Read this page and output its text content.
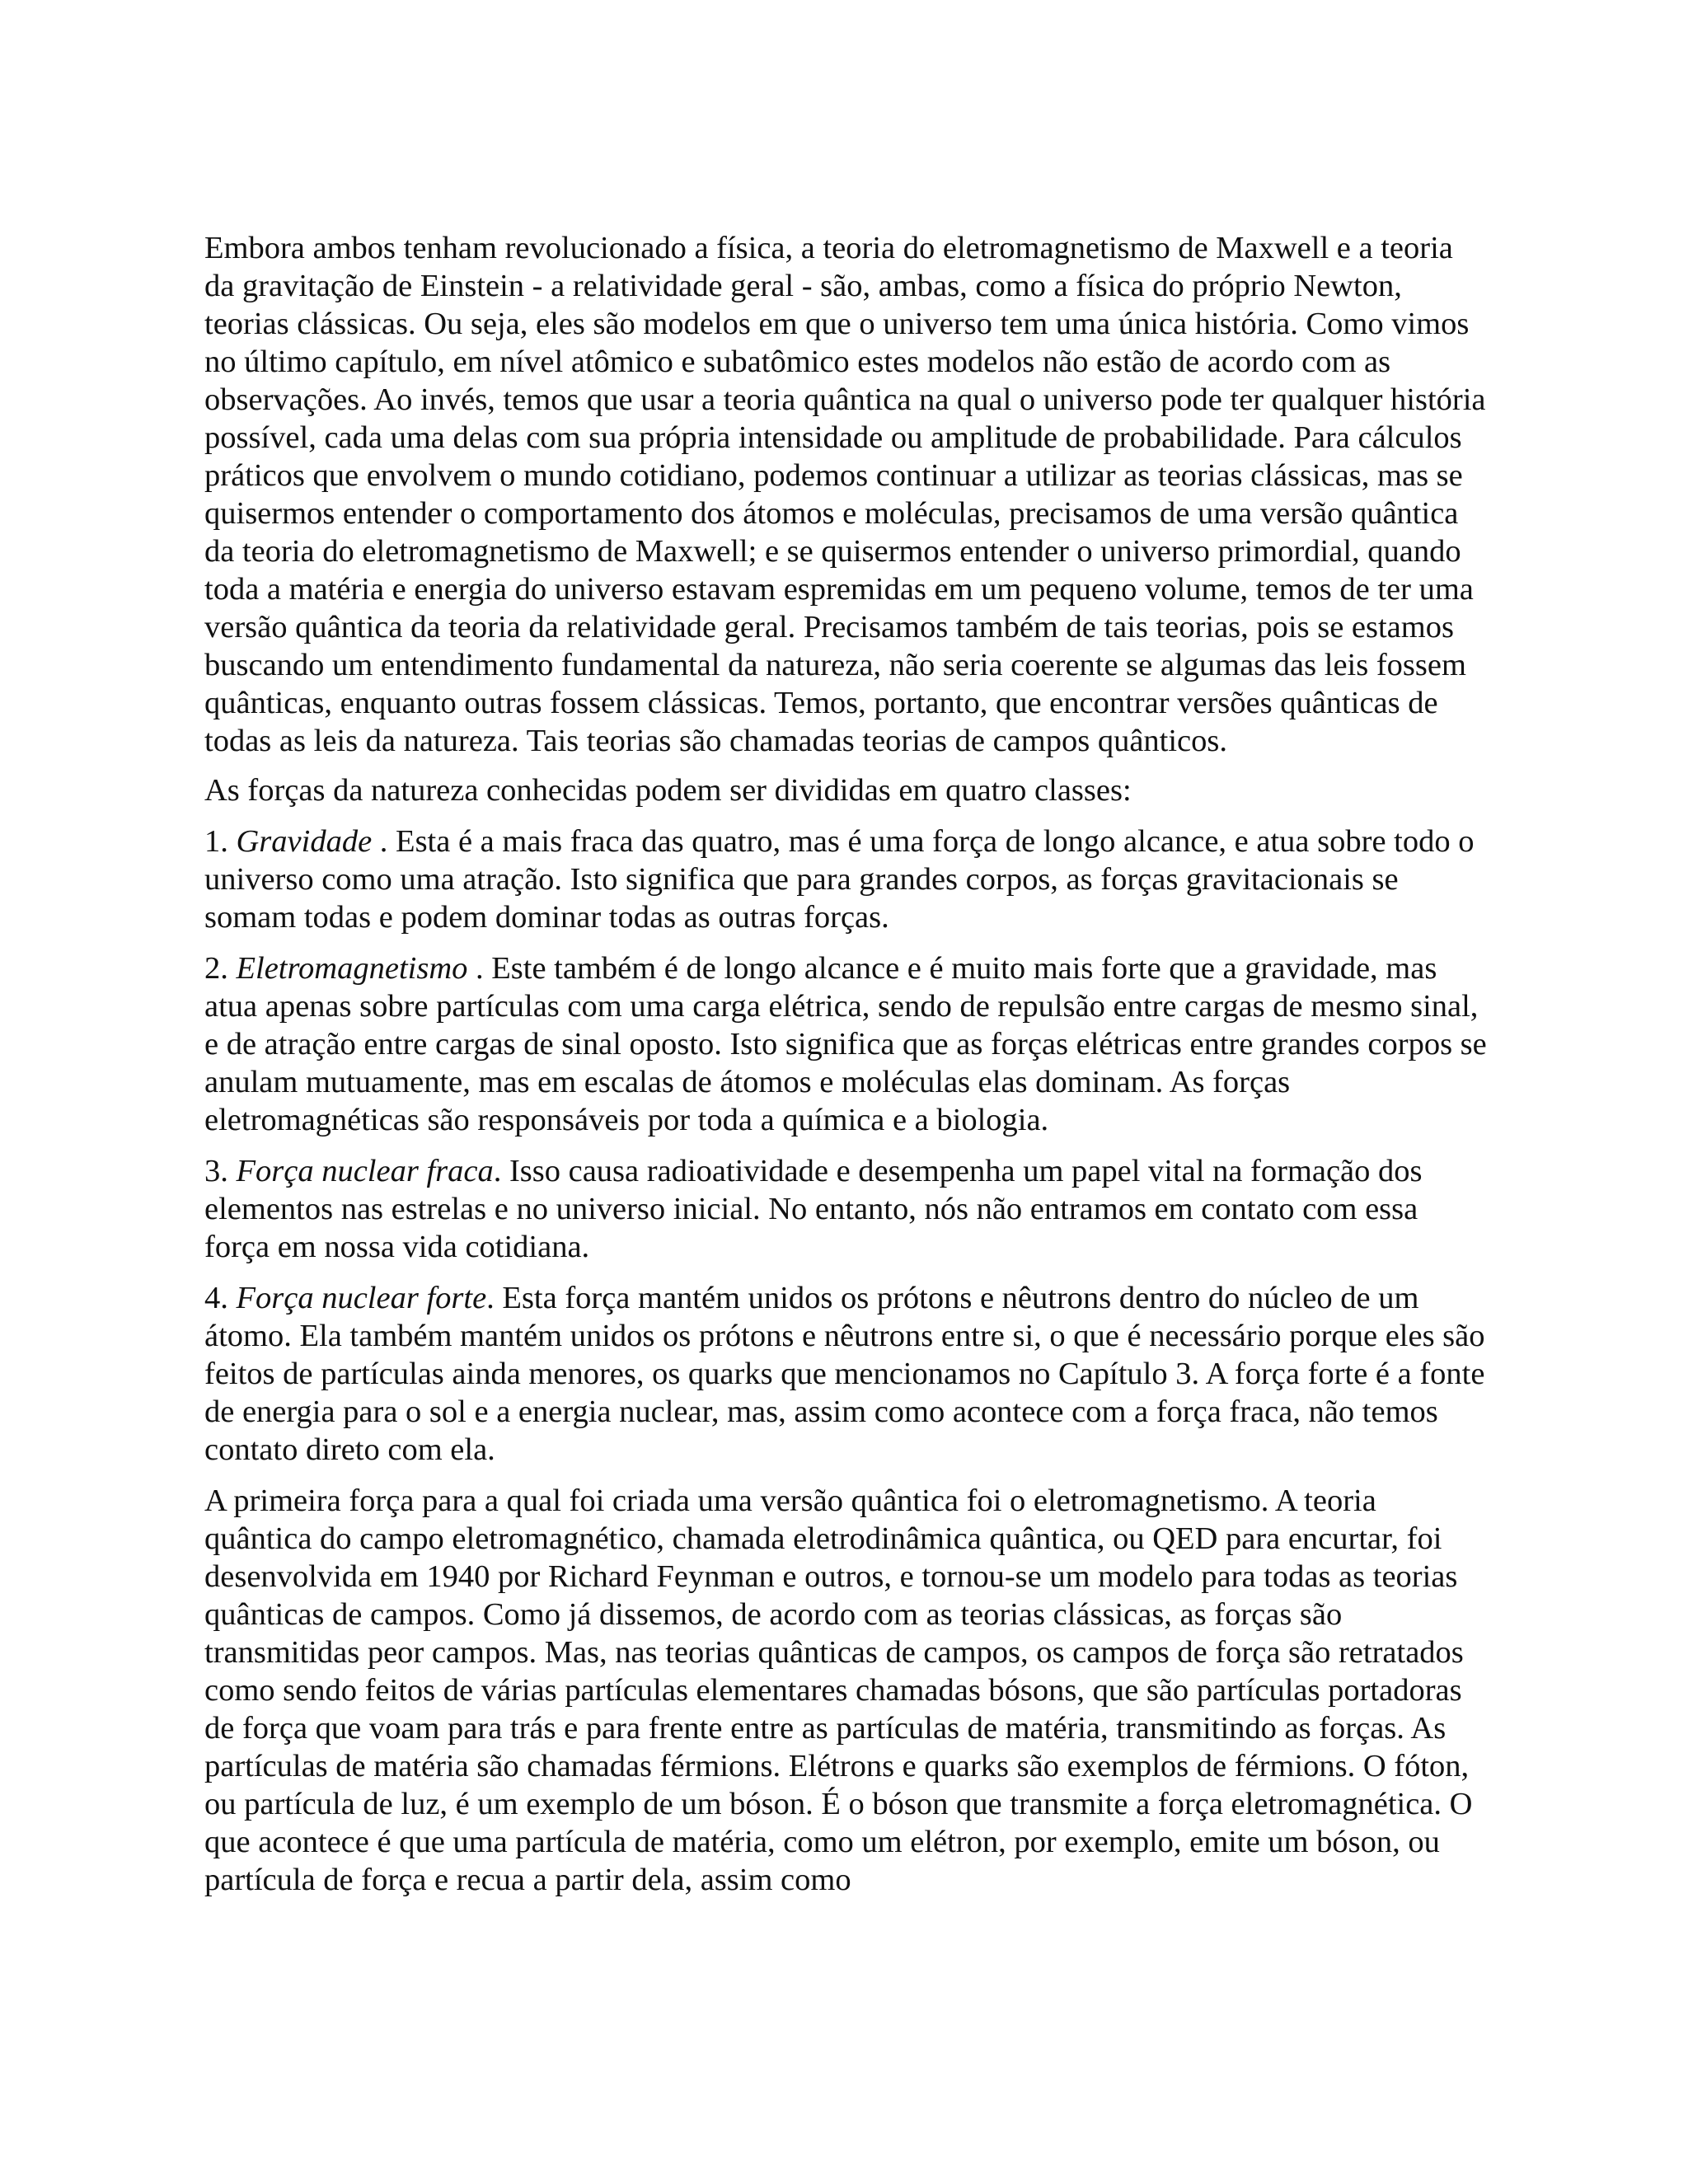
Embora ambos tenham revolucionado a física, a teoria do eletromagnetismo de Maxwell e a teoria da gravitação de Einstein - a relatividade geral - são, ambas, como a física do próprio Newton, teorias clássicas. Ou seja, eles são modelos em que o universo tem uma única história. Como vimos no último capítulo, em nível atômico e subatômico estes modelos não estão de acordo com as observações. Ao invés, temos que usar a teoria quântica na qual o universo pode ter qualquer história possível, cada uma delas com sua própria intensidade ou amplitude de probabilidade. Para cálculos práticos que envolvem o mundo cotidiano, podemos continuar a utilizar as teorias clássicas, mas se quisermos entender o comportamento dos átomos e moléculas, precisamos de uma versão quântica da teoria do eletromagnetismo de Maxwell; e se quisermos entender o universo primordial, quando toda a matéria e energia do universo estavam espremidas em um pequeno volume, temos de ter uma versão quântica da teoria da relatividade geral. Precisamos também de tais teorias, pois se estamos buscando um entendimento fundamental da natureza, não seria coerente se algumas das leis fossem quânticas, enquanto outras fossem clássicas. Temos, portanto, que encontrar versões quânticas de todas as leis da natureza. Tais teorias são chamadas teorias de campos quânticos.

As forças da natureza conhecidas podem ser divididas em quatro classes:

1. Gravidade . Esta é a mais fraca das quatro, mas é uma força de longo alcance, e atua sobre todo o universo como uma atração. Isto significa que para grandes corpos, as forças gravitacionais se somam todas e podem dominar todas as outras forças.

2. Eletromagnetismo . Este também é de longo alcance e é muito mais forte que a gravidade, mas atua apenas sobre partículas com uma carga elétrica, sendo de repulsão entre cargas de mesmo sinal, e de atração entre cargas de sinal oposto. Isto significa que as forças elétricas entre grandes corpos se anulam mutuamente, mas em escalas de átomos e moléculas elas dominam. As forças eletromagnéticas são responsáveis por toda a química e a biologia.

3. Força nuclear fraca. Isso causa radioatividade e desempenha um papel vital na formação dos elementos nas estrelas e no universo inicial. No entanto, nós não entramos em contato com essa força em nossa vida cotidiana.

4. Força nuclear forte. Esta força mantém unidos os prótons e nêutrons dentro do núcleo de um átomo. Ela também mantém unidos os prótons e nêutrons entre si, o que é necessário porque eles são feitos de partículas ainda menores, os quarks que mencionamos no Capítulo 3. A força forte é a fonte de energia para o sol e a energia nuclear, mas, assim como acontece com a força fraca, não temos contato direto com ela.

A primeira força para a qual foi criada uma versão quântica foi o eletromagnetismo. A teoria quântica do campo eletromagnético, chamada eletrodinâmica quântica, ou QED para encurtar, foi desenvolvida em 1940 por Richard Feynman e outros, e tornou-se um modelo para todas as teorias quânticas de campos. Como já dissemos, de acordo com as teorias clássicas, as forças são transmitidas peor campos. Mas, nas teorias quânticas de campos, os campos de força são retratados como sendo feitos de várias partículas elementares chamadas bósons, que são partículas portadoras de força que voam para trás e para frente entre as partículas de matéria, transmitindo as forças. As partículas de matéria são chamadas férmions. Elétrons e quarks são exemplos de férmions. O fóton, ou partícula de luz, é um exemplo de um bóson. É o bóson que transmite a força eletromagnética. O que acontece é que uma partícula de matéria, como um elétron, por exemplo, emite um bóson, ou partícula de força e recua a partir dela, assim como
